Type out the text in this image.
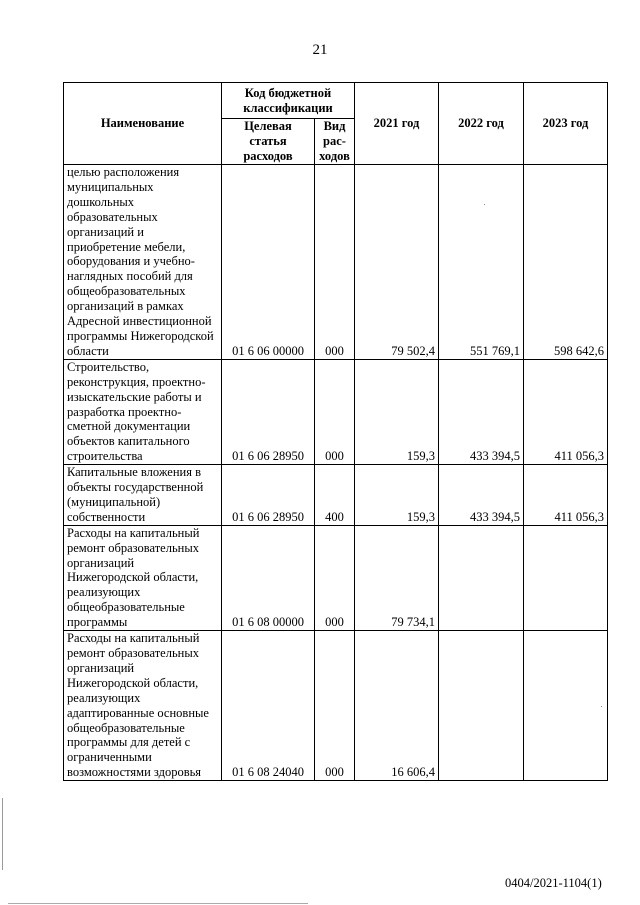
21
Наименование	Код бюджетной классификации		2021 год	2022 год	2023 год
	Целевая статья расходов	Вид рас-ходов			
целью расположения муниципальных дошкольных образовательных организаций и приобретение мебели, оборудования и учебно-наглядных пособий для общеобразовательных организаций в рамках Адресной инвестиционной программы Нижегородской области	01 6 06 00000	000	79 502,4	551 769,1	598 642,6
Строительство, реконструкция, проектно-изыскательские работы и разработка проектно-сметной документации объектов капитального строительства	01 6 06 28950	000	159,3	433 394,5	411 056,3
Капитальные вложения в объекты государственной (муниципальной) собственности	01 6 06 28950	400	159,3	433 394,5	411 056,3
Расходы на капитальный ремонт образовательных организаций Нижегородской области, реализующих общеобразовательные программы	01 6 08 00000	000	79 734,1		
Расходы на капитальный ремонт образовательных организаций Нижегородской области, реализующих адаптированные основные общеобразовательные программы для детей с ограниченными возможностями здоровья	01 6 08 24040	000	16 606,4		
0404/2021-1104(1)
